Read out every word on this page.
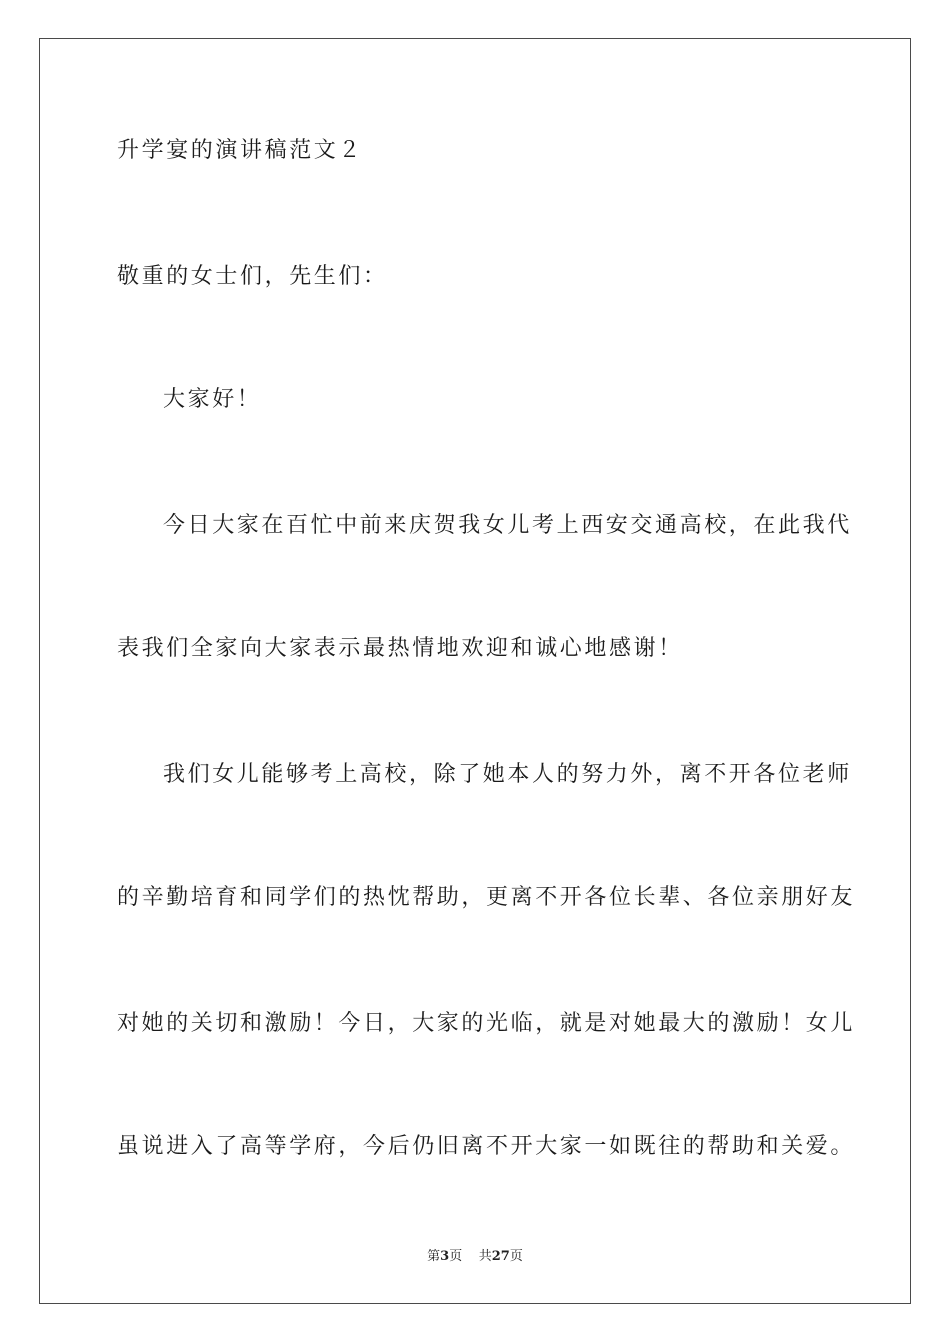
升学宴的演讲稿范文２
敬重的女士们，先生们：
大家好！
今日大家在百忙中前来庆贺我女儿考上西安交通高校，在此我代
表我们全家向大家表示最热情地欢迎和诚心地感谢！
我们女儿能够考上高校，除了她本人的努力外，离不开各位老师
的辛勤培育和同学们的热忱帮助，更离不开各位长辈、各位亲朋好友
对她的关切和激励！今日，大家的光临，就是对她最大的激励！女儿
虽说进入了高等学府，今后仍旧离不开大家一如既往的帮助和关爱。
第3页 共27页
